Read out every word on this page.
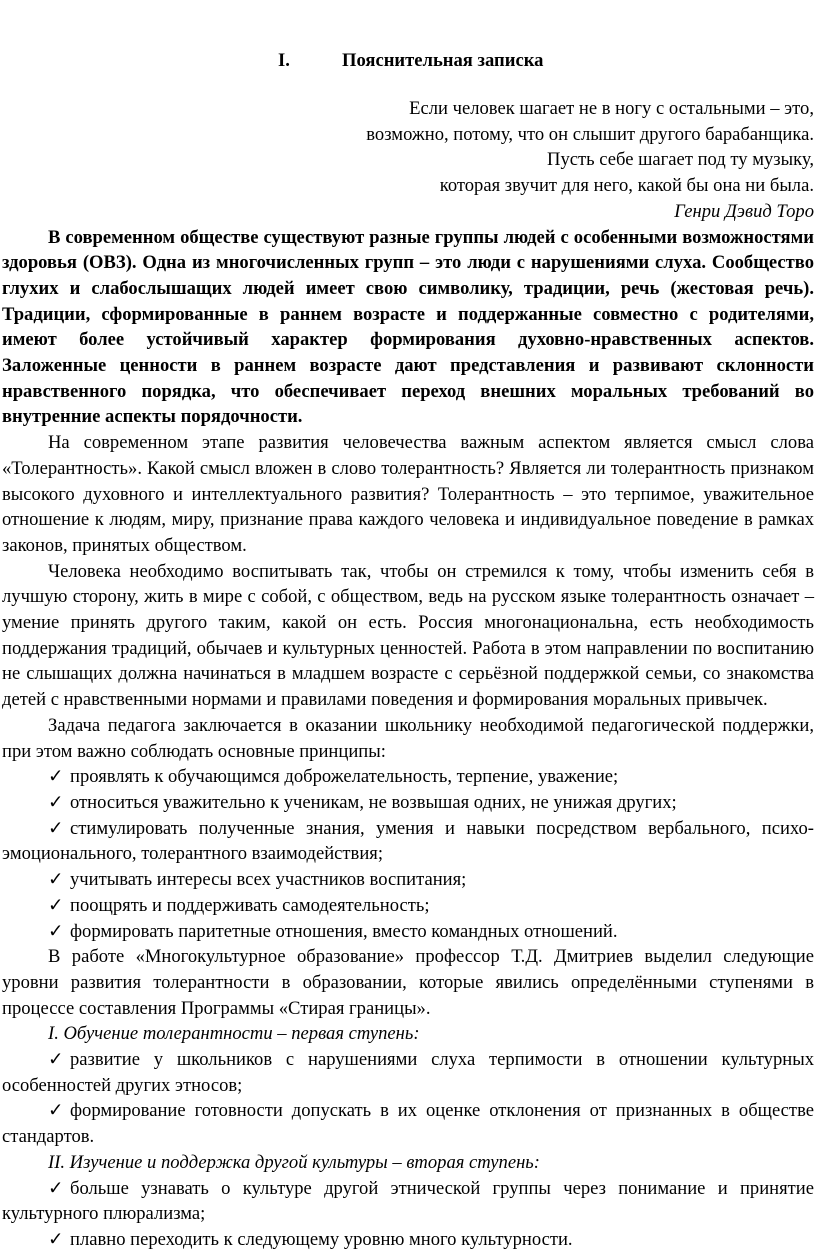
I.	Пояснительная записка

Если человек шагает не в ногу с остальными – это,

возможно, потому, что он слышит другого барабанщика.

Пусть себе шагает под ту музыку,

которая звучит для него, какой бы она ни была.

Генри Дэвид Торо

В современном обществе существуют разные группы людей с особенными возможностями здоровья (ОВЗ). Одна из многочисленных групп – это люди с нарушениями слуха. Сообщество глухих и слабослышащих людей имеет свою символику, традиции, речь (жестовая речь). Традиции, сформированные в раннем возрасте и поддержанные совместно с родителями, имеют более устойчивый характер формирования духовно-нравственных аспектов. Заложенные ценности в раннем возрасте дают представления и развивают склонности нравственного порядка, что обеспечивает переход внешних моральных требований во внутренние аспекты порядочности.

На современном этапе развития человечества важным аспектом является смысл слова «Толерантность». Какой смысл вложен в слово толерантность? Является ли толерантность признаком высокого духовного и интеллектуального развития? Толерантность – это терпимое, уважительное отношение к людям, миру, признание права каждого человека и индивидуальное поведение в рамках законов, принятых обществом.

Человека необходимо воспитывать так, чтобы он стремился к тому, чтобы изменить себя в лучшую сторону, жить в мире с собой, с обществом, ведь на русском языке толерантность означает – умение принять другого таким, какой он есть. Россия многонациональна, есть необходимость поддержания традиций, обычаев и культурных ценностей. Работа в этом направлении по воспитанию не слышащих должна начинаться в младшем возрасте с серьёзной поддержкой семьи, со знакомства детей с нравственными нормами и правилами поведения и формирования моральных привычек.

Задача педагога заключается в оказании школьнику необходимой педагогической поддержки, при этом важно соблюдать основные принципы:

✓ проявлять к обучающимся доброжелательность, терпение, уважение;

✓ относиться уважительно к ученикам, не возвышая одних, не унижая других;

✓ стимулировать полученные знания, умения и навыки посредством вербального, психо-эмоционального, толерантного взаимодействия;

✓ учитывать интересы всех участников воспитания;

✓ поощрять и поддерживать самодеятельность;

✓ формировать паритетные отношения, вместо командных отношений.

В работе «Многокультурное образование» профессор Т.Д. Дмитриев выделил следующие уровни развития толерантности в образовании, которые явились определёнными ступенями в процессе составления Программы «Стирая границы».

I. Обучение толерантности – первая ступень:

✓ развитие у школьников с нарушениями слуха терпимости в отношении культурных особенностей других этносов;

✓ формирование готовности допускать в их оценке отклонения от признанных в обществе стандартов.

II. Изучение и поддержка другой культуры – вторая ступень:

✓ больше узнавать о культуре другой этнической группы через понимание и принятие культурного плюрализма;

✓ плавно переходить к следующему уровню много культурности.
